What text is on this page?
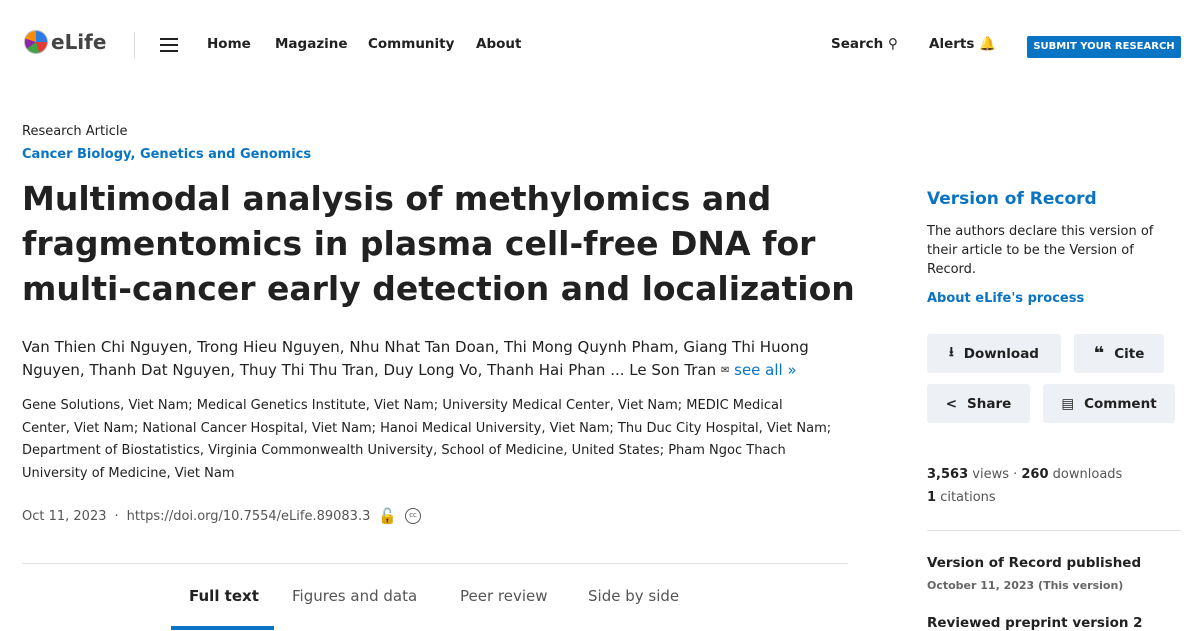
eLife	Home Magazine Community About	Search ⚲ Alerts 🔔	SUBMIT YOUR RESEARCH
Research Article
Cancer Biology, Genetics and Genomics
Multimodal analysis of methylomics and fragmentomics in plasma cell-free DNA for multi-cancer early detection and localization
Van Thien Chi Nguyen, Trong Hieu Nguyen, Nhu Nhat Tan Doan, Thi Mong Quynh Pham, Giang Thi Huong Nguyen, Thanh Dat Nguyen, Thuy Thi Thu Tran, Duy Long Vo, Thanh Hai Phan ... Le Son Tran ✉ see all »
Gene Solutions, Viet Nam; Medical Genetics Institute, Viet Nam; University Medical Center, Viet Nam; MEDIC Medical Center, Viet Nam; National Cancer Hospital, Viet Nam; Hanoi Medical University, Viet Nam; Thu Duc City Hospital, Viet Nam; Department of Biostatistics, Virginia Commonwealth University, School of Medicine, United States; Pham Ngoc Thach University of Medicine, Viet Nam
Oct 11, 2023 · https://doi.org/10.7554/eLife.89083.3 🔓	cc
Full text Figures and data	Peer review	Side by side
Version of Record
The authors declare this version of their article to be the Version of Record.
About eLife's process
⭳ Download	❝ Cite
< Share	▤ Comment
3,563 views · 260 downloads
1 citations
Version of Record published
October 11, 2023 (This version)
Reviewed preprint version 2
